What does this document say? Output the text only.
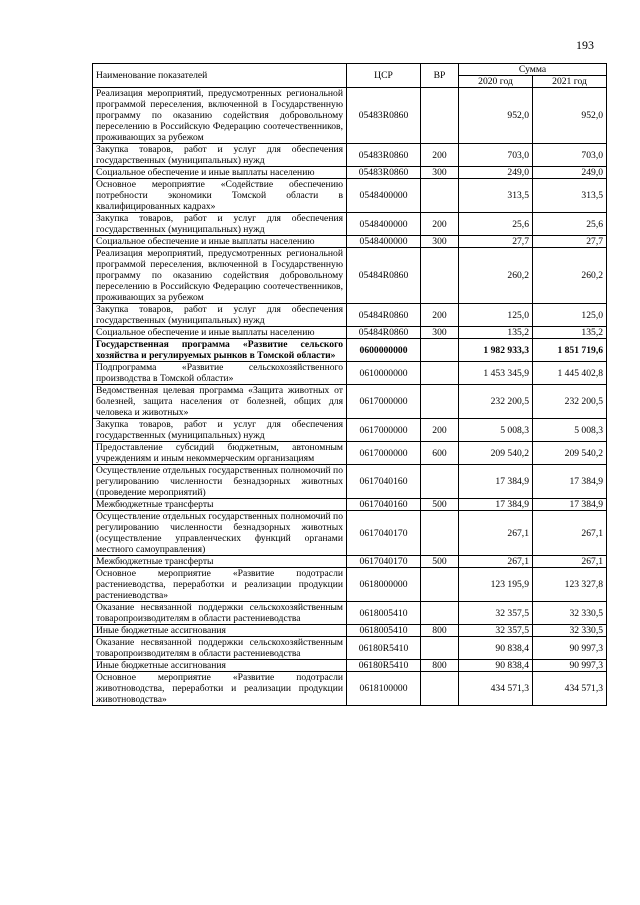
193
Наименование показателей	ЦСР	ВР	Сумма	
			2020 год	2021 год
Реализация мероприятий, предусмотренных региональной программой переселения, включенной в Государственную программу по оказанию содействия добровольному переселению в Российскую Федерацию соотечественников, проживающих за рубежом	05483R0860		952,0	952,0
Закупка товаров, работ и услуг для обеспечения государственных (муниципальных) нужд	05483R0860	200	703,0	703,0
Социальное обеспечение и иные выплаты населению	05483R0860	300	249,0	249,0
Основное мероприятие «Содействие обеспечению потребности экономики Томской области в квалифицированных кадрах»	0548400000		313,5	313,5
Закупка товаров, работ и услуг для обеспечения государственных (муниципальных) нужд	0548400000	200	25,6	25,6
Социальное обеспечение и иные выплаты населению	0548400000	300	27,7	27,7
Реализация мероприятий, предусмотренных региональной программой переселения, включенной в Государственную программу по оказанию содействия добровольному переселению в Российскую Федерацию соотечественников, проживающих за рубежом	05484R0860		260,2	260,2
Закупка товаров, работ и услуг для обеспечения государственных (муниципальных) нужд	05484R0860	200	125,0	125,0
Социальное обеспечение и иные выплаты населению	05484R0860	300	135,2	135,2
Государственная программа «Развитие сельского хозяйства и регулируемых рынков в Томской области»	0600000000		1 982 933,3	1 851 719,6
Подпрограмма «Развитие сельскохозяйственного производства в Томской области»	0610000000		1 453 345,9	1 445 402,8
Ведомственная целевая программа «Защита животных от болезней, защита населения от болезней, общих для человека и животных»	0617000000		232 200,5	232 200,5
Закупка товаров, работ и услуг для обеспечения государственных (муниципальных) нужд	0617000000	200	5 008,3	5 008,3
Предоставление субсидий бюджетным, автономным учреждениям и иным некоммерческим организациям	0617000000	600	209 540,2	209 540,2
Осуществление отдельных государственных полномочий по регулированию численности безнадзорных животных (проведение мероприятий)	0617040160		17 384,9	17 384,9
Межбюджетные трансферты	0617040160	500	17 384,9	17 384,9
Осуществление отдельных государственных полномочий по регулированию численности безнадзорных животных (осуществление управленческих функций органами местного самоуправления)	0617040170		267,1	267,1
Межбюджетные трансферты	0617040170	500	267,1	267,1
Основное мероприятие «Развитие подотрасли растениеводства, переработки и реализации продукции растениеводства»	0618000000		123 195,9	123 327,8
Оказание несвязанной поддержки сельскохозяйственным товаропроизводителям в области растениеводства	0618005410		32 357,5	32 330,5
Иные бюджетные ассигнования	0618005410	800	32 357,5	32 330,5
Оказание несвязанной поддержки сельскохозяйственным товаропроизводителям в области растениеводства	06180R5410		90 838,4	90 997,3
Иные бюджетные ассигнования	06180R5410	800	90 838,4	90 997,3
Основное мероприятие «Развитие подотрасли животноводства, переработки и реализации продукции животноводства»	0618100000		434 571,3	434 571,3
